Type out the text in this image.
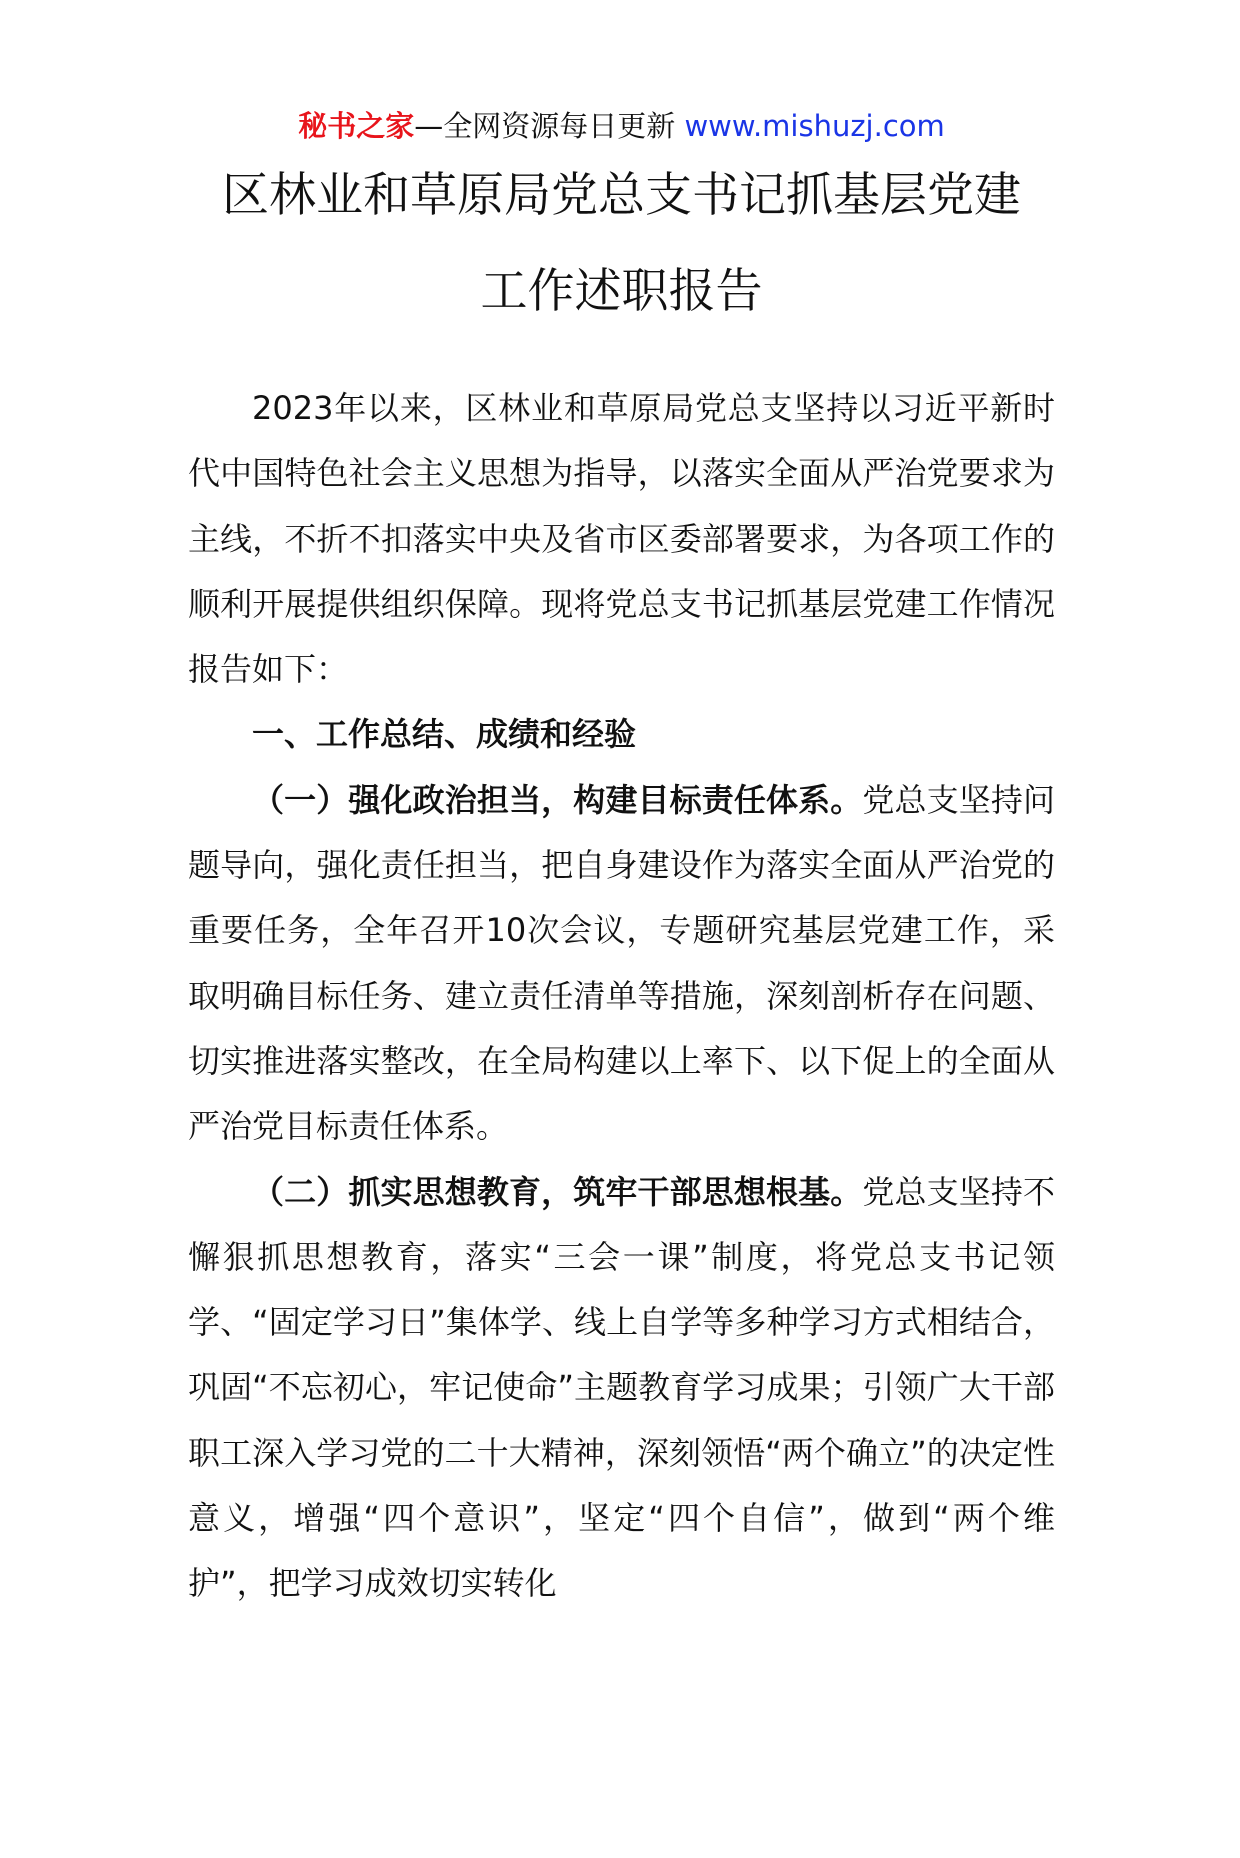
秘书之家—全网资源每日更新 www.mishuzj.com
区林业和草原局党总支书记抓基层党建
工作述职报告

2023年以来，区林业和草原局党总支坚持以习近平新时代中国特色社会主义思想为指导，以落实全面从严治党要求为主线，不折不扣落实中央及省市区委部署要求，为各项工作的顺利开展提供组织保障。现将党总支书记抓基层党建工作情况报告如下：

一、工作总结、成绩和经验

（一）强化政治担当，构建目标责任体系。党总支坚持问题导向，强化责任担当，把自身建设作为落实全面从严治党的重要任务，全年召开10次会议，专题研究基层党建工作，采取明确目标任务、建立责任清单等措施，深刻剖析存在问题、切实推进落实整改，在全局构建以上率下、以下促上的全面从严治党目标责任体系。

（二）抓实思想教育，筑牢干部思想根基。党总支坚持不懈狠抓思想教育，落实“三会一课”制度，将党总支书记领学、“固定学习日”集体学、线上自学等多种学习方式相结合，巩固“不忘初心，牢记使命”主题教育学习成果；引领广大干部职工深入学习党的二十大精神，深刻领悟“两个确立”的决定性意义，增强“四个意识”，坚定“四个自信”，做到“两个维护”，把学习成效切实转化
